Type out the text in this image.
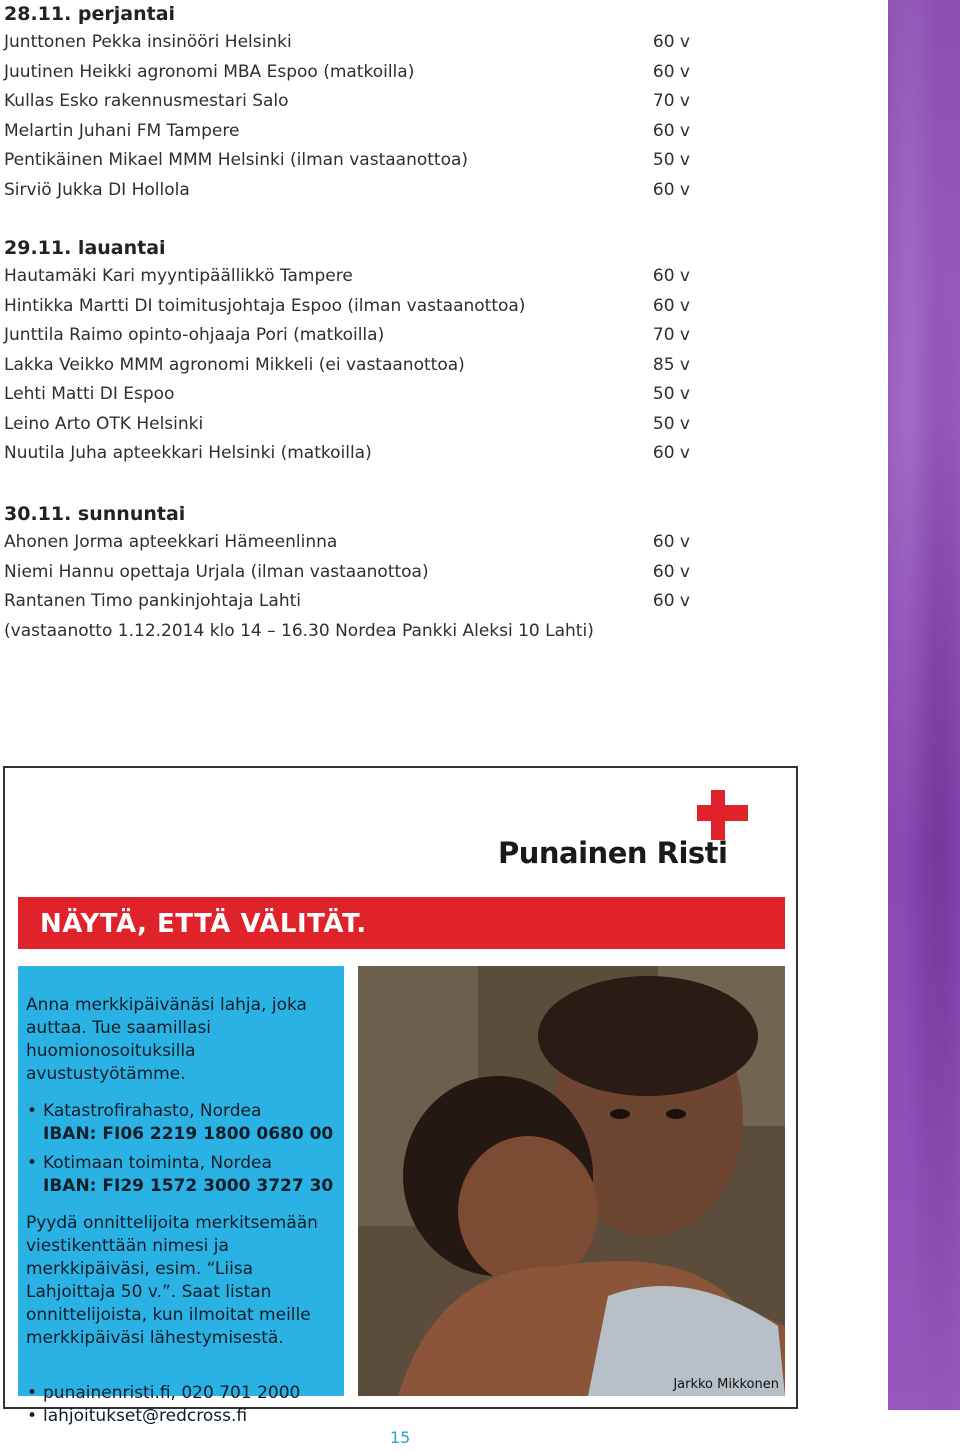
28.11. perjantai
Junttonen Pekka insinööri Helsinki	60 v
Juutinen Heikki agronomi MBA Espoo (matkoilla)	60 v
Kullas Esko rakennusmestari Salo	70 v
Melartin Juhani FM Tampere	60 v
Pentikäinen Mikael MMM Helsinki (ilman vastaanottoa)	50 v
Sirviö Jukka DI Hollola	60 v
29.11. lauantai
Hautamäki Kari myyntipäällikkö Tampere	60 v
Hintikka Martti DI toimitusjohtaja Espoo (ilman vastaanottoa)	60 v
Junttila Raimo opinto-ohjaaja Pori (matkoilla)	70 v
Lakka Veikko MMM agronomi Mikkeli (ei vastaanottoa)	85 v
Lehti Matti DI Espoo	50 v
Leino Arto OTK Helsinki	50 v
Nuutila Juha apteekkari Helsinki (matkoilla)	60 v
30.11. sunnuntai
Ahonen Jorma apteekkari Hämeenlinna	60 v
Niemi Hannu opettaja Urjala (ilman vastaanottoa)	60 v
Rantanen Timo pankinjohtaja Lahti	60 v
(vastaanotto 1.12.2014 klo 14 – 16.30 Nordea Pankki Aleksi 10 Lahti)
Punainen Risti
NÄYTÄ, ETTÄ VÄLITÄT.

Anna merkkipäivänäsi lahja, joka auttaa. Tue saamillasi huomionosoituksilla avustustyötämme.

• Katastrofirahasto, Nordea
IBAN: FI06 2219 1800 0680 00
• Kotimaan toiminta, Nordea
IBAN: FI29 1572 3000 3727 30

Pyydä onnittelijoita merkitsemään viestikenttään nimesi ja merkkipäiväsi, esim. “Liisa Lahjoittaja 50 v.”. Saat listan onnittelijoista, kun ilmoitat meille merkkipäiväsi lähestymisestä.

• punainenristi.fi, 020 701 2000
• lahjoitukset@redcross.fi
Jarkko Mikkonen
15
